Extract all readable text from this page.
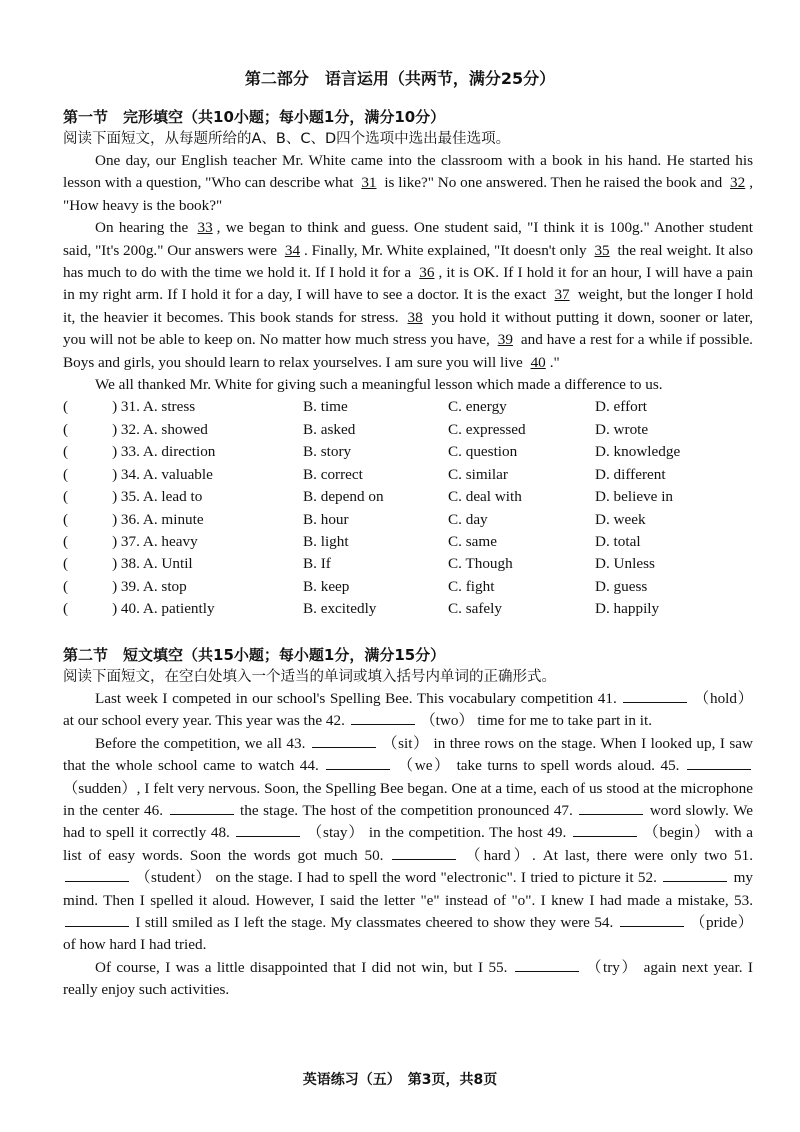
第二部分　语言运用（共两节，满分25分）
第一节　完形填空（共10小题；每小题1分，满分10分）
阅读下面短文，从每题所给的A、B、C、D四个选项中选出最佳选项。

One day, our English teacher Mr. White came into the classroom with a book in his hand. He started his lesson with a question, "Who can describe what 31 is like?" No one answered. Then he raised the book and 32 , "How heavy is the book?"

On hearing the 33 , we began to think and guess. One student said, "I think it is 100g." Another student said, "It's 200g." Our answers were 34 . Finally, Mr. White explained, "It doesn't only 35 the real weight. It also has much to do with the time we hold it. If I hold it for a 36 , it is OK. If I hold it for an hour, I will have a pain in my right arm. If I hold it for a day, I will have to see a doctor. It is the exact 37 weight, but the longer I hold it, the heavier it becomes. This book stands for stress. 38 you hold it without putting it down, sooner or later, you will not be able to keep on. No matter how much stress you have, 39 and have a rest for a while if possible. Boys and girls, you should learn to relax yourselves. I am sure you will live 40 ."

We all thanked Mr. White for giving such a meaningful lesson which made a difference to us.

( ) 31. A. stress	B. time	C. energy	D. effort
( ) 32. A. showed	B. asked	C. expressed	D. wrote
( ) 33. A. direction	B. story	C. question	D. knowledge
( ) 34. A. valuable	B. correct	C. similar	D. different
( ) 35. A. lead to	B. depend on	C. deal with	D. believe in
( ) 36. A. minute	B. hour	C. day	D. week
( ) 37. A. heavy	B. light	C. same	D. total
( ) 38. A. Until	B. If	C. Though	D. Unless
( ) 39. A. stop	B. keep	C. fight	D. guess
( ) 40. A. patiently	B. excitedly	C. safely	D. happily
第二节　短文填空（共15小题；每小题1分，满分15分）
阅读下面短文，在空白处填入一个适当的单词或填入括号内单词的正确形式。

Last week I competed in our school's Spelling Bee. This vocabulary competition 41.	（hold） at our school every year. This year was the 42.	（two） time for me to take part in it.

Before the competition, we all 43.	（sit） in three rows on the stage. When I looked up, I saw that the whole school came to watch 44.	（we） take turns to spell words aloud. 45.  （sudden）, I felt very nervous. Soon, the Spelling Bee began. One at a time, each of us stood at the microphone in the center 46.	the stage. The host of the competition pronounced 47.	word slowly. We had to spell it correctly 48.	（stay） in the competition. The host 49.	（begin） with a list of easy words. Soon the words got much 50.	（hard）. At last, there were only two 51.  （student） on the stage. I had to spell the word "electronic". I tried to picture it 52.	my mind. Then I spelled it aloud. However, I said the letter "e" instead of "o". I knew I had made a mistake, 53.  I still smiled as I left the stage. My classmates cheered to show they were 54.	（pride） of how hard I had tried.

Of course, I was a little disappointed that I did not win, but I 55.	（try） again next year. I really enjoy such activities.

英语练习（五）　第3页，共8页
